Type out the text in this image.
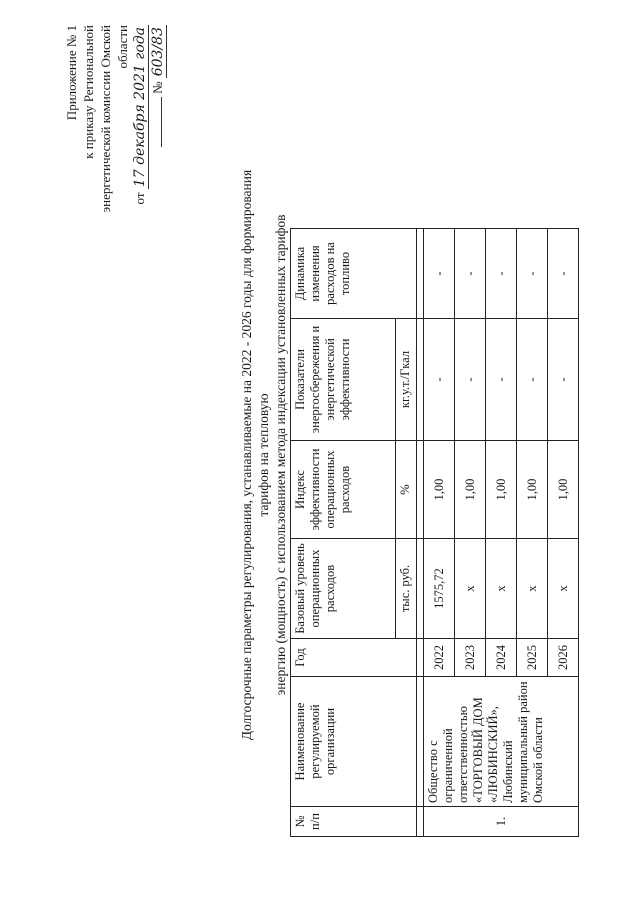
Приложение № 1 к приказу Региональной энергетической комиссии Омской области
от 17 декабря 2021 года № 603/83
Долгосрочные параметры регулирования, устанавливаемые на 2022 - 2026 годы для формирования тарифов на тепловую энергию (мощность) с использованием метода индексации установленных тарифов
№ п/п	Наименование регулируемой организации	Год	Базовый уровень операционных расходов	Индекс эффективности операционных расходов	Показатели энергосбережения и энергетической эффективности	Динамика изменения расходов на топливо
			тыс. руб.	%	кг.у.т./Гкал	

1.	Общество с ограниченной ответственностью «ТОРГОВЫЙ ДОМ «ЛЮБИНСКИЙ», Любинский муниципальный район Омской области	2022	1575,72	1,00	-	-
		2023	х	1,00	-	-
		2024	х	1,00	-	-
		2025	х	1,00	-	-
		2026	х	1,00	-	-
